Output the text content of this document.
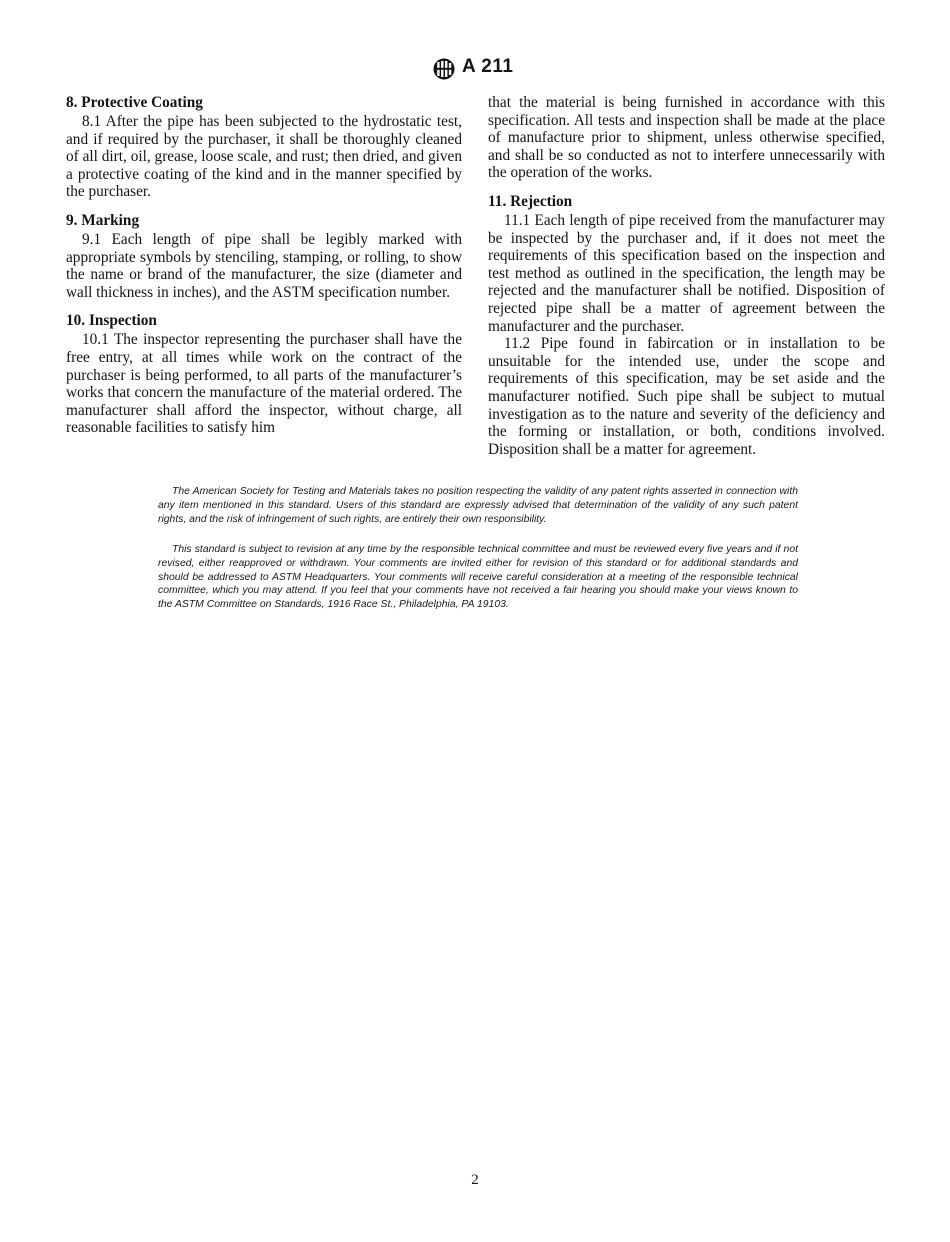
A 211
8. Protective Coating

8.1 After the pipe has been subjected to the hydrostatic test, and if required by the purchaser, it shall be thoroughly cleaned of all dirt, oil, grease, loose scale, and rust; then dried, and given a protective coating of the kind and in the manner specified by the purchaser.

9. Marking

9.1 Each length of pipe shall be legibly marked with appropriate symbols by stenciling, stamping, or rolling, to show the name or brand of the manufacturer, the size (diameter and wall thickness in inches), and the ASTM specification number.

10. Inspection

10.1 The inspector representing the purchaser shall have the free entry, at all times while work on the contract of the purchaser is being performed, to all parts of the manufacturer’s works that concern the manufacture of the material ordered. The manufacturer shall afford the inspector, without charge, all reasonable facilities to satisfy him

that the material is being furnished in accordance with this specification. All tests and inspection shall be made at the place of manufacture prior to shipment, unless otherwise specified, and shall be so conducted as not to interfere unnecessarily with the operation of the works.

11. Rejection

11.1 Each length of pipe received from the manufacturer may be inspected by the purchaser and, if it does not meet the requirements of this specification based on the inspection and test method as outlined in the specification, the length may be rejected and the manufacturer shall be notified. Disposition of rejected pipe shall be a matter of agreement between the manufacturer and the purchaser.

11.2 Pipe found in fabircation or in installation to be unsuitable for the intended use, under the scope and requirements of this specification, may be set aside and the manufacturer notified. Such pipe shall be subject to mutual investigation as to the nature and severity of the deficiency and the forming or installation, or both, conditions involved. Disposition shall be a matter for agreement.

The American Society for Testing and Materials takes no position respecting the validity of any patent rights asserted in connection with any item mentioned in this standard. Users of this standard are expressly advised that determination of the validity of any such patent rights, and the risk of infringement of such rights, are entirely their own responsibility.

This standard is subject to revision at any time by the responsible technical committee and must be reviewed every five years and if not revised, either reapproved or withdrawn. Your comments are invited either for revision of this standard or for additional standards and should be addressed to ASTM Headquarters. Your comments will receive careful consideration at a meeting of the responsible technical committee, which you may attend. If you feel that your comments have not received a fair hearing you should make your views known to the ASTM Committee on Standards, 1916 Race St., Philadelphia, PA 19103.

2
